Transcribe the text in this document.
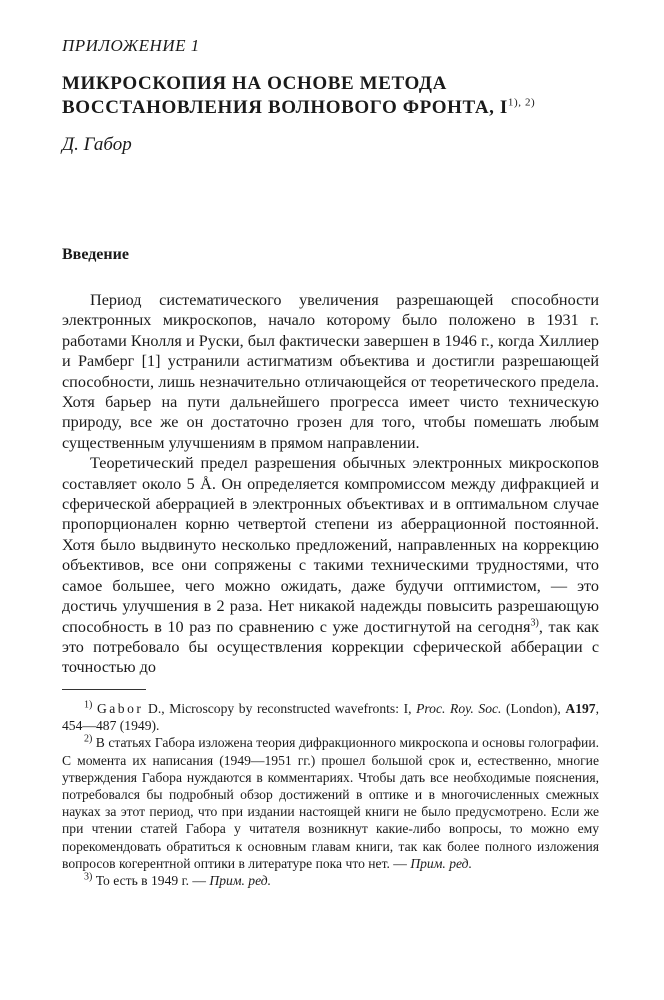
ПРИЛОЖЕНИЕ 1
МИКРОСКОПИЯ НА ОСНОВЕ МЕТОДА
ВОССТАНОВЛЕНИЯ ВОЛНОВОГО ФРОНТА, $I^{1), 2)}$
Д. Габор
Введение

Период систематического увеличения разрешающей способности электронных микроскопов, начало которому было положено в 1931 г. работами Кнолля и Руски, был фактически завершен в 1946 г., когда Хиллиер и Рамберг [1] устранили астигматизм объектива и достигли разрешающей способности, лишь незначительно отличающейся от теоретического предела. Хотя барьер на пути дальнейшего прогресса имеет чисто техническую природу, все же он достаточно грозен для того, чтобы помешать любым существенным улучшениям в прямом направлении.

Теоретический предел разрешения обычных электронных микроскопов составляет около 5 Å. Он определяется компромиссом между дифракцией и сферической аберрацией в электронных объективах и в оптимальном случае пропорционален корню четвертой степени из аберрационной постоянной. Хотя было выдвинуто несколько предложений, направленных на коррекцию объективов, все они сопряжены с такими техническими трудностями, что самое большее, чего можно ожидать, даже будучи оптимистом, — это достичь улучшения в 2 раза. Нет никакой надежды повысить разрешающую способность в 10 раз по сравнению с уже достигнутой на сегодня$^{3)}$, так как это потребовало бы осуществления коррекции сферической абберации с точностью до

$^{1)}$ Gabor D., Microscopy by reconstructed wavefronts: I, Proc. Roy. Soc. (London), A197, 454—487 (1949).

$^{2)}$ В статьях Габора изложена теория дифракционного микроскопа и основы голографии. С момента их написания (1949—1951 гг.) прошел большой срок и, естественно, многие утверждения Габора нуждаются в комментариях. Чтобы дать все необходимые пояснения, потребовался бы подробный обзор достижений в оптике и в многочисленных смежных науках за этот период, что при издании настоящей книги не было предусмотрено. Если же при чтении статей Габора у читателя возникнут какие-либо вопросы, то можно ему порекомендовать обратиться к основным главам книги, так как более полного изложения вопросов когерентной оптики в литературе пока что нет. — Прим. ред.

$^{3)}$ То есть в 1949 г. — Прим. ред.
